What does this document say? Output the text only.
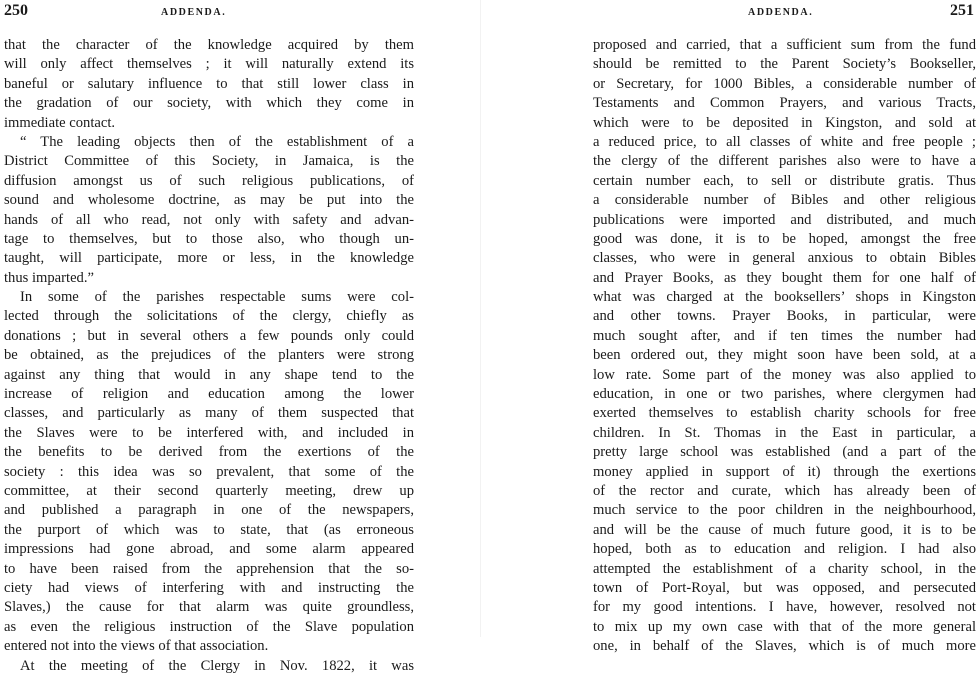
250	ADDENDA.
that the character of the knowledge acquired by them
will only affect themselves ; it will naturally extend its
baneful or salutary influence to that still lower class in
the gradation of our society, with which they come in
immediate contact.
“ The leading objects then of the establishment of a
District Committee of this Society, in Jamaica, is the
diffusion amongst us of such religious publications, of
sound and wholesome doctrine, as may be put into the
hands of all who read, not only with safety and advan-
tage to themselves, but to those also, who though un-
taught, will participate, more or less, in the knowledge
thus imparted.”
In some of the parishes respectable sums were col-
lected through the solicitations of the clergy, chiefly as
donations ; but in several others a few pounds only could
be obtained, as the prejudices of the planters were strong
against any thing that would in any shape tend to the
increase of religion and education among the lower
classes, and particularly as many of them suspected that
the Slaves were to be interfered with, and included in
the benefits to be derived from the exertions of the
society : this idea was so prevalent, that some of the
committee, at their second quarterly meeting, drew up
and published a paragraph in one of the newspapers,
the purport of which was to state, that (as erroneous
impressions had gone abroad, and some alarm appeared
to have been raised from the apprehension that the so-
ciety had views of interfering with and instructing the
Slaves,) the cause for that alarm was quite groundless,
as even the religious instruction of the Slave population
entered not into the views of that association.
At the meeting of the Clergy in Nov. 1822, it was
ADDENDA.	251
proposed and carried, that a sufficient sum from the fund
should be remitted to the Parent Society’s Bookseller,
or Secretary, for 1000 Bibles, a considerable number of
Testaments and Common Prayers, and various Tracts,
which were to be deposited in Kingston, and sold at
a reduced price, to all classes of white and free people ;
the clergy of the different parishes also were to have a
certain number each, to sell or distribute gratis. Thus
a considerable number of Bibles and other religious
publications were imported and distributed, and much
good was done, it is to be hoped, amongst the free
classes, who were in general anxious to obtain Bibles
and Prayer Books, as they bought them for one half of
what was charged at the booksellers’ shops in Kingston
and other towns. Prayer Books, in particular, were
much sought after, and if ten times the number had
been ordered out, they might soon have been sold, at a
low rate. Some part of the money was also applied to
education, in one or two parishes, where clergymen had
exerted themselves to establish charity schools for free
children. In St. Thomas in the East in particular, a
pretty large school was established (and a part of the
money applied in support of it) through the exertions
of the rector and curate, which has already been of
much service to the poor children in the neighbourhood,
and will be the cause of much future good, it is to be
hoped, both as to education and religion. I had also
attempted the establishment of a charity school, in the
town of Port-Royal, but was opposed, and persecuted
for my good intentions. I have, however, resolved not
to mix up my own case with that of the more general
one, in behalf of the Slaves, which is of much more
